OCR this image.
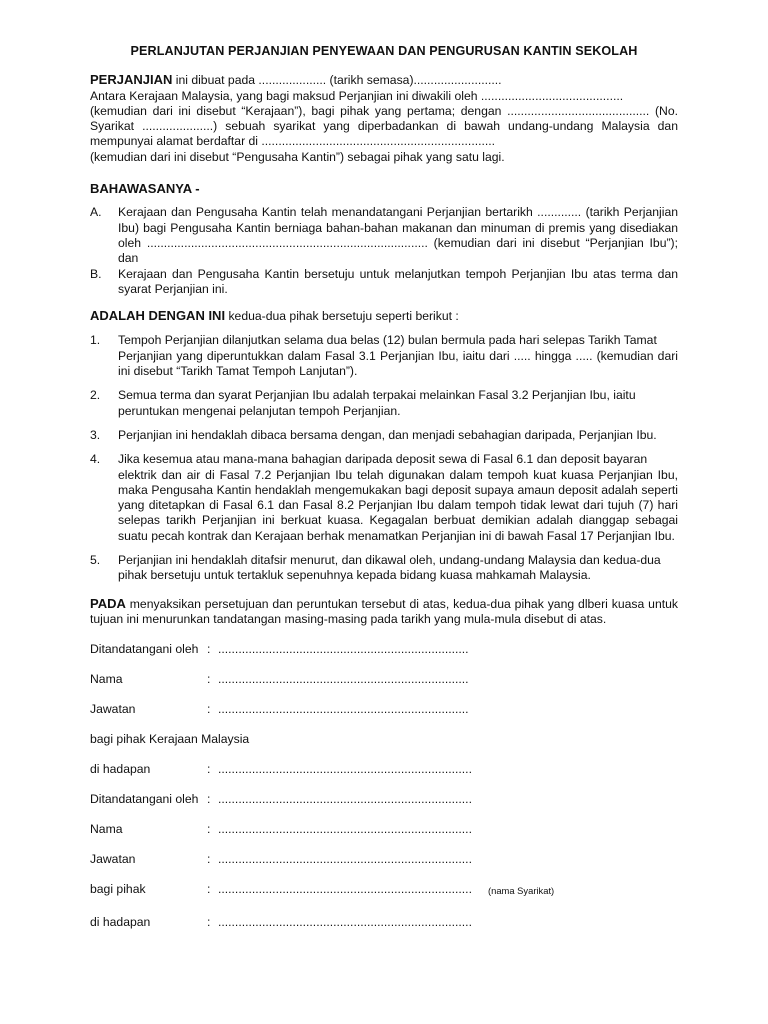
PERLANJUTAN PERJANJIAN PENYEWAAN DAN PENGURUSAN KANTIN SEKOLAH

PERJANJIAN ini dibuat pada .................... (tarikh semasa)..........................

Antara Kerajaan Malaysia, yang bagi maksud Perjanjian ini diwakili oleh ..........................................

(kemudian dari ini disebut “Kerajaan”), bagi pihak yang pertama; dengan .......................................... (No. Syarikat .....................) sebuah syarikat yang diperbadankan di bawah undang-undang Malaysia dan mempunyai alamat berdaftar di .....................................................................

(kemudian dari ini disebut “Pengusaha Kantin”) sebagai pihak yang satu lagi.

BAHAWASANYA -

A.	Kerajaan dan Pengusaha Kantin telah menandatangani Perjanjian bertarikh ............. (tarikh Perjanjian Ibu) bagi Pengusaha Kantin berniaga bahan-bahan makanan dan minuman di premis yang disediakan oleh ................................................................................... (kemudian dari ini disebut “Perjanjian Ibu”); dan
B.	Kerajaan dan Pengusaha Kantin bersetuju untuk melanjutkan tempoh Perjanjian Ibu atas terma dan syarat Perjanjian ini.

ADALAH DENGAN INI kedua-dua pihak bersetuju seperti berikut :

1.	Tempoh Perjanjian dilanjutkan selama dua belas (12) bulan bermula pada hari selepas Tarikh Tamat

Perjanjian yang diperuntukkan dalam Fasal 3.1 Perjanjian Ibu, iaitu dari ..... hingga ..... (kemudian dari ini disebut “Tarikh Tamat Tempoh Lanjutan”).

2.	Semua terma dan syarat Perjanjian Ibu adalah terpakai melainkan Fasal 3.2 Perjanjian Ibu, iaitu

peruntukan mengenai pelanjutan tempoh Perjanjian.

3.	Perjanjian ini hendaklah dibaca bersama dengan, dan menjadi sebahagian daripada, Perjanjian Ibu.
4.	Jika kesemua atau mana-mana bahagian daripada deposit sewa di Fasal 6.1 dan deposit bayaran

elektrik dan air di Fasal 7.2 Perjanjian Ibu telah digunakan dalam tempoh kuat kuasa Perjanjian Ibu, maka Pengusaha Kantin hendaklah mengemukakan bagi deposit supaya amaun deposit adalah seperti yang ditetapkan di Fasal 6.1 dan Fasal 8.2 Perjanjian Ibu dalam tempoh tidak lewat dari tujuh (7) hari selepas tarikh Perjanjian ini berkuat kuasa. Kegagalan berbuat demikian adalah dianggap sebagai suatu pecah kontrak dan Kerajaan berhak menamatkan Perjanjian ini di bawah Fasal 17 Perjanjian Ibu.

5.	Perjanjian ini hendaklah ditafsir menurut, dan dikawal oleh, undang-undang Malaysia dan kedua-dua

pihak bersetuju untuk tertakluk sepenuhnya kepada bidang kuasa mahkamah Malaysia.

PADA menyaksikan persetujuan dan peruntukan tersebut di atas, kedua-dua pihak yang dlberi kuasa untuk tujuan ini menurunkan tandatangan masing-masing pada tarikh yang mula-mula disebut di atas.

Ditandatangani oleh : ..........................................................................
Nama	: ..........................................................................
Jawatan	: ..........................................................................
bagi pihak Kerajaan Malaysia
di hadapan	: ...........................................................................
Ditandatangani oleh : ...........................................................................
Nama	: ...........................................................................
Jawatan	: ...........................................................................
bagi pihak	: ...........................................................................	(nama Syarikat)
di hadapan	: ...........................................................................
